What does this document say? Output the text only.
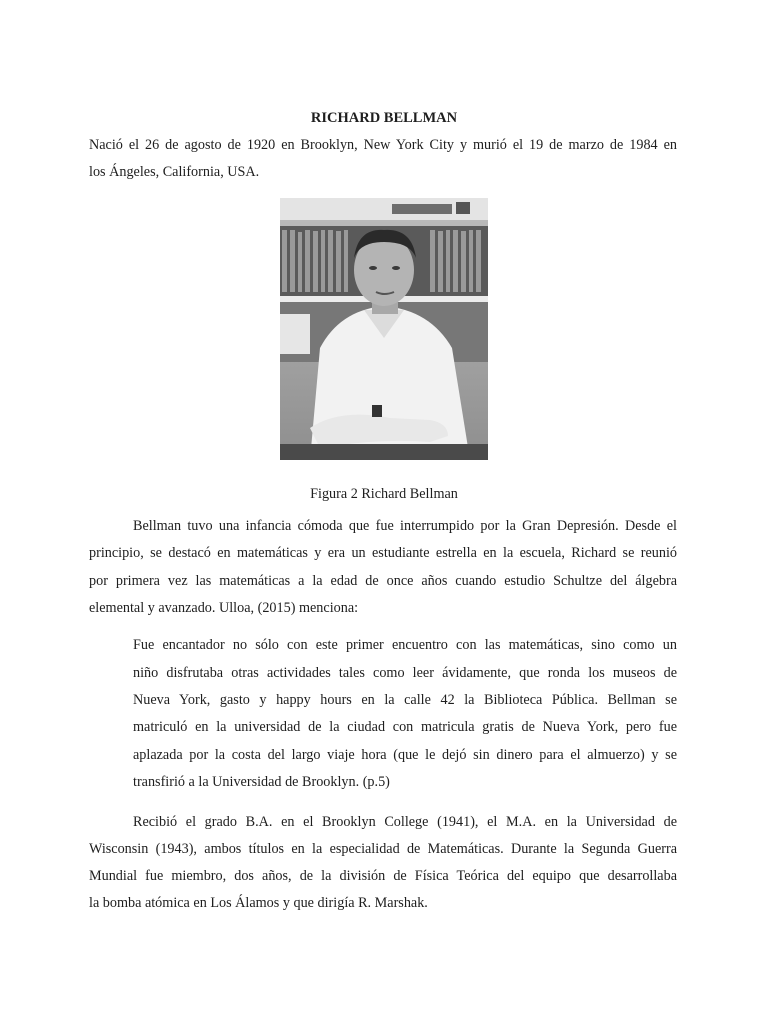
RICHARD BELLMAN

Nació el 26 de agosto de 1920 en Brooklyn, New York City y murió el 19 de marzo de 1984 en

los Ángeles, California, USA.

Figura 2 Richard Bellman

Bellman tuvo una infancia cómoda que fue interrumpido por la Gran Depresión. Desde el

principio, se destacó en matemáticas y era un estudiante estrella en la escuela, Richard se reunió

por primera vez las matemáticas a la edad de once años cuando estudio Schultze del álgebra

elemental y avanzado. Ulloa, (2015) menciona:

Fue encantador no sólo con este primer encuentro con las matemáticas, sino como un

niño disfrutaba otras actividades tales como leer ávidamente, que ronda los museos de

Nueva York, gasto y happy hours en la calle 42 la Biblioteca Pública. Bellman se

matriculó en la universidad de la ciudad con matricula gratis de Nueva York, pero fue

aplazada por la costa del largo viaje hora (que le dejó sin dinero para el almuerzo) y se

transfirió a la Universidad de Brooklyn. (p.5)

Recibió el grado B.A. en el Brooklyn College (1941), el M.A. en la Universidad de

Wisconsin (1943), ambos títulos en la especialidad de Matemáticas. Durante la Segunda Guerra

Mundial fue miembro, dos años, de la división de Física Teórica del equipo que desarrollaba

la bomba atómica en Los Álamos y que dirigía R. Marshak.
